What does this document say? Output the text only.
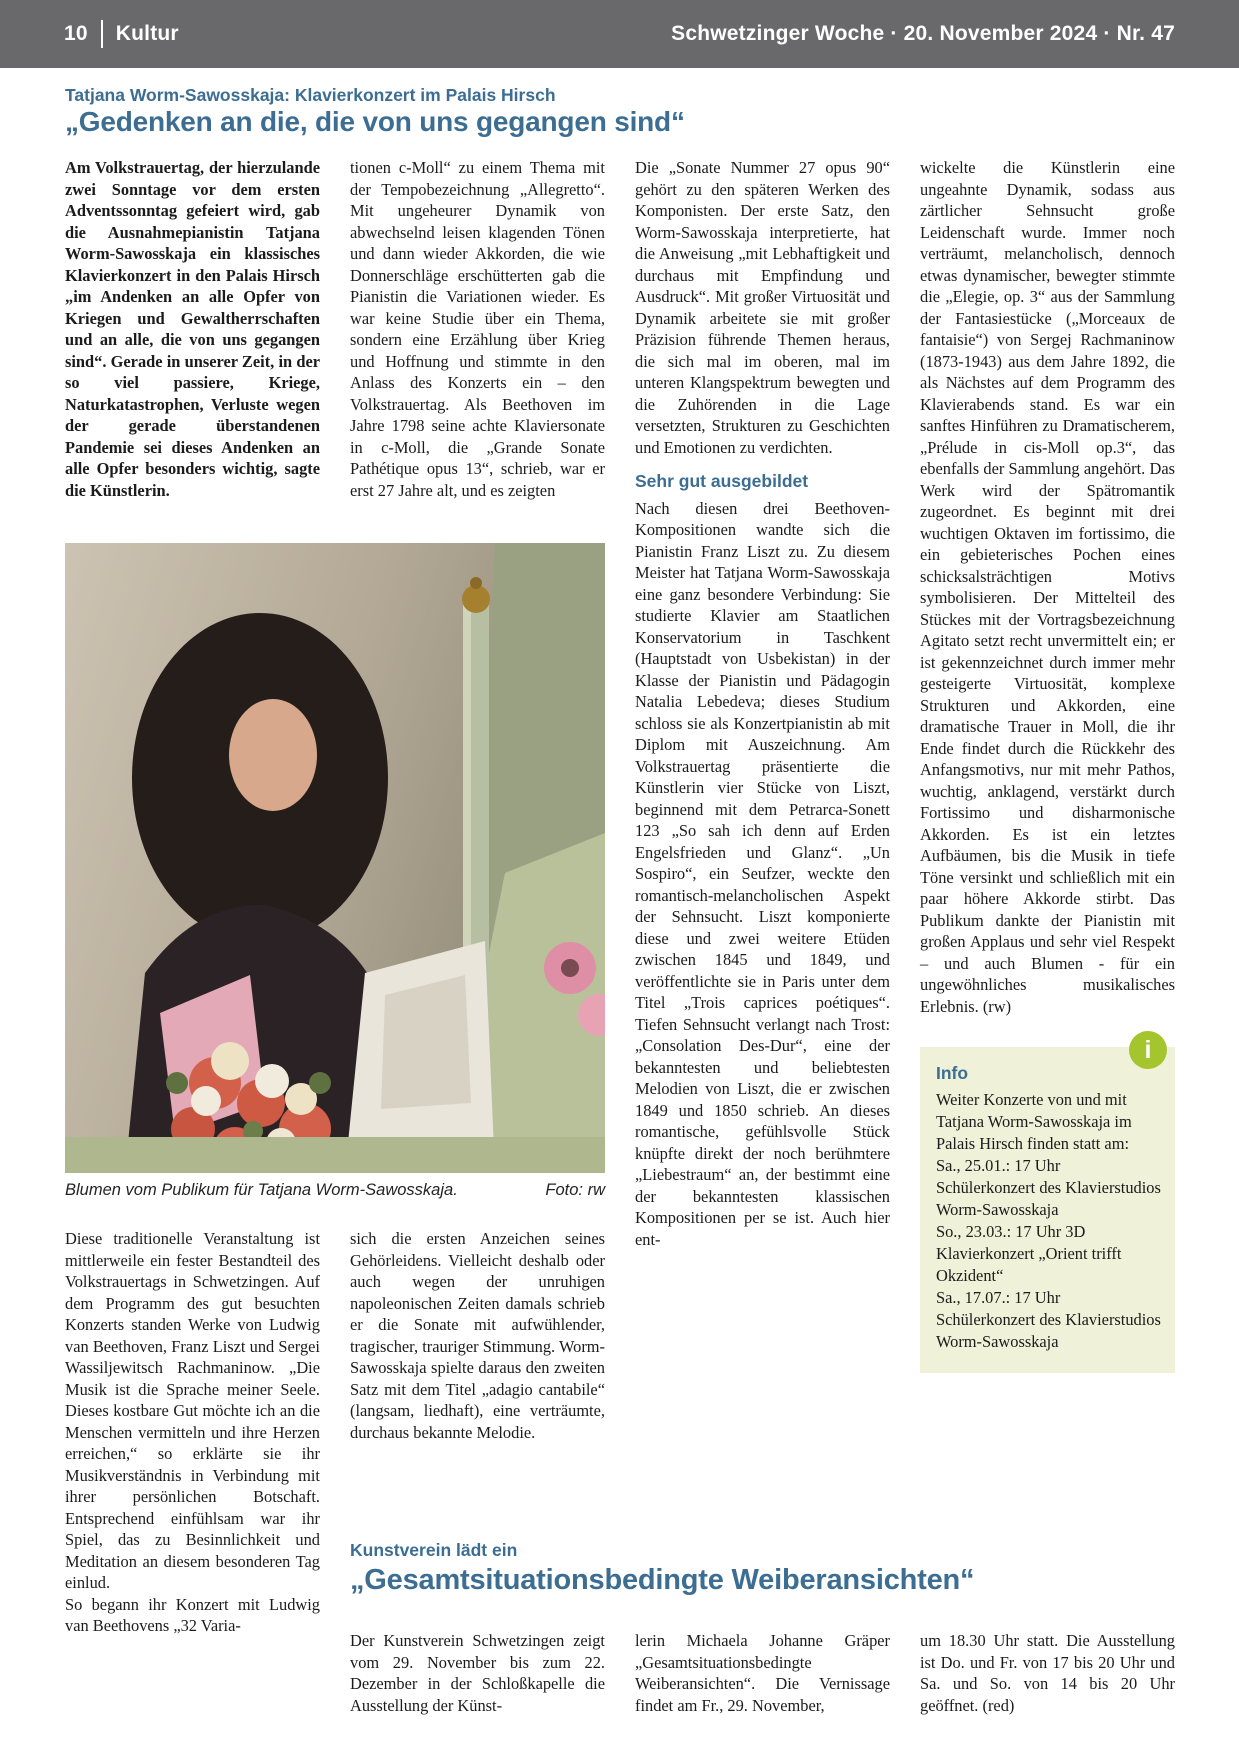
10 Kultur	Schwetzinger Woche · 20. November 2024 · Nr. 47
Tatjana Worm-Sawosskaja: Klavierkonzert im Palais Hirsch
„Gedenken an die, die von uns gegangen sind“

Am Volkstrauertag, der hierzulande zwei Sonntage vor dem ersten Adventssonntag gefeiert wird, gab die Ausnahmepianistin Tatjana Worm-Sawosskaja ein klassisches Klavierkonzert in den Palais Hirsch „im Andenken an alle Opfer von Kriegen und Gewaltherrschaften und an alle, die von uns gegangen sind“. Gerade in unserer Zeit, in der so viel passiere, Kriege, Naturkatastrophen, Verluste wegen der gerade überstandenen Pandemie sei dieses Andenken an alle Opfer besonders wichtig, sagte die Künstlerin.

tionen c-Moll“ zu einem Thema mit der Tempobezeichnung „Allegretto“. Mit ungeheurer Dynamik von abwechselnd leisen klagenden Tönen und dann wieder Akkorden, die wie Donnerschläge erschütterten gab die Pianistin die Variationen wieder. Es war keine Studie über ein Thema, sondern eine Erzählung über Krieg und Hoffnung und stimmte in den Anlass des Konzerts ein – den Volkstrauertag. Als Beethoven im Jahre 1798 seine achte Klaviersonate in c-Moll, die „Grande Sonate Pathétique opus 13“, schrieb, war er erst 27 Jahre alt, und es zeigten

Die „Sonate Nummer 27 opus 90“ gehört zu den späteren Werken des Komponisten. Der erste Satz, den Worm-Sawosskaja interpretierte, hat die Anweisung „mit Lebhaftigkeit und durchaus mit Empfindung und Ausdruck“. Mit großer Virtuosität und Dynamik arbeitete sie mit großer Präzision führende Themen heraus, die sich mal im oberen, mal im unteren Klangspektrum bewegten und die Zuhörenden in die Lage versetzten, Strukturen zu Geschichten und Emotionen zu verdichten.

Sehr gut ausgebildet

Nach diesen drei Beethoven-Kompositionen wandte sich die Pianistin Franz Liszt zu. Zu diesem Meister hat Tatjana Worm-Sawosskaja eine ganz besondere Verbindung: Sie studierte Klavier am Staatlichen Konservatorium in Taschkent (Hauptstadt von Usbekistan) in der Klasse der Pianistin und Pädagogin Natalia Lebedeva; dieses Studium schloss sie als Konzertpianistin ab mit Diplom mit Auszeichnung. Am Volkstrauertag präsentierte die Künstlerin vier Stücke von Liszt, beginnend mit dem Petrarca-Sonett 123 „So sah ich denn auf Erden Engelsfrieden und Glanz“. „Un Sospiro“, ein Seufzer, weckte den romantisch-melancholischen Aspekt der Sehnsucht. Liszt komponierte diese und zwei weitere Etüden zwischen 1845 und 1849, und veröffentlichte sie in Paris unter dem Titel „Trois caprices poétiques“. Tiefen Sehnsucht verlangt nach Trost: „Consolation Des-Dur“, eine der bekanntesten und beliebtesten Melodien von Liszt, die er zwischen 1849 und 1850 schrieb. An dieses romantische, gefühlsvolle Stück knüpfte direkt der noch berühmtere „Liebestraum“ an, der bestimmt eine der bekanntesten klassischen Kompositionen per se ist. Auch hier ent-

wickelte die Künstlerin eine ungeahnte Dynamik, sodass aus zärtlicher Sehnsucht große Leidenschaft wurde. Immer noch verträumt, melancholisch, dennoch etwas dynamischer, bewegter stimmte die „Elegie, op. 3“ aus der Sammlung der Fantasiestücke („Morceaux de fantaisie“) von Sergej Rachmaninow (1873-1943) aus dem Jahre 1892, die als Nächstes auf dem Programm des Klavierabends stand. Es war ein sanftes Hinführen zu Dramatischerem, „Prélude in cis-Moll op.3“, das ebenfalls der Sammlung angehört. Das Werk wird der Spätromantik zugeordnet. Es beginnt mit drei wuchtigen Oktaven im fortissimo, die ein gebieterisches Pochen eines schicksalsträchtigen Motivs symbolisieren. Der Mittelteil des Stückes mit der Vortragsbezeichnung Agitato setzt recht unvermittelt ein; er ist gekennzeichnet durch immer mehr gesteigerte Virtuosität, komplexe Strukturen und Akkorden, eine dramatische Trauer in Moll, die ihr Ende findet durch die Rückkehr des Anfangsmotivs, nur mit mehr Pathos, wuchtig, anklagend, verstärkt durch Fortissimo und disharmonische Akkorden. Es ist ein letztes Aufbäumen, bis die Musik in tiefe Töne versinkt und schließlich mit ein paar höhere Akkorde stirbt. Das Publikum dankte der Pianistin mit großen Applaus und sehr viel Respekt – und auch Blumen - für ein ungewöhnliches musikalisches Erlebnis. (rw)
i
Info

Weiter Konzerte von und mit Tatjana Worm-Sawosskaja im Palais Hirsch finden statt am:

Sa., 25.01.: 17 Uhr Schülerkonzert des Klavierstudios Worm-Sawosskaja

So., 23.03.: 17 Uhr 3D Klavierkonzert „Orient trifft Okzident“

Sa., 17.07.: 17 Uhr Schülerkonzert des Klavierstudios Worm-Sawosskaja

Blumen vom Publikum für Tatjana Worm-Sawosskaja.	Foto: rw

Diese traditionelle Veranstaltung ist mittlerweile ein fester Bestandteil des Volkstrauertags in Schwetzingen. Auf dem Programm des gut besuchten Konzerts standen Werke von Ludwig van Beethoven, Franz Liszt und Sergei Wassiljewitsch Rachmaninow. „Die Musik ist die Sprache meiner Seele. Dieses kostbare Gut möchte ich an die Menschen vermitteln und ihre Herzen erreichen,“ so erklärte sie ihr Musikverständnis in Verbindung mit ihrer persönlichen Botschaft. Entsprechend einfühlsam war ihr Spiel, das zu Besinnlichkeit und Meditation an diesem besonderen Tag einlud.

So begann ihr Konzert mit Ludwig van Beethovens „32 Varia-

sich die ersten Anzeichen seines Gehörleidens. Vielleicht deshalb oder auch wegen der unruhigen napoleonischen Zeiten damals schrieb er die Sonate mit aufwühlender, tragischer, trauriger Stimmung. Worm-Sawosskaja spielte daraus den zweiten Satz mit dem Titel „adagio cantabile“ (langsam, liedhaft), eine verträumte, durchaus bekannte Melodie.

Kunstverein lädt ein
„Gesamtsituationsbedingte Weiberansichten“

Der Kunstverein Schwetzingen zeigt vom 29. November bis zum 22. Dezember in der Schloßkapelle die Ausstellung der Künst-

lerin Michaela Johanne Gräper „Gesamtsituationsbedingte Weiberansichten“. Die Vernissage findet am Fr., 29. November,

um 18.30 Uhr statt. Die Ausstellung ist Do. und Fr. von 17 bis 20 Uhr und Sa. und So. von 14 bis 20 Uhr geöffnet. (red)
